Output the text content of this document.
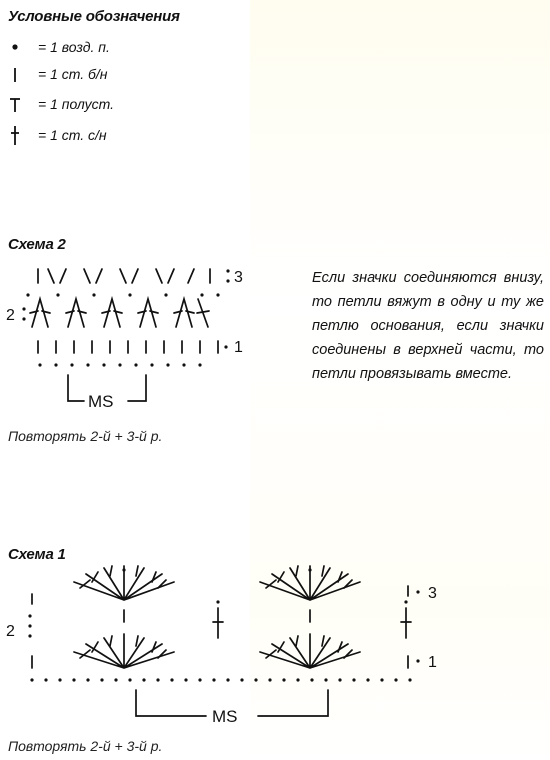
Условные обозначения
= 1 возд. п.
= 1 ст. б/н
= 1 полуст.
= 1 ст. с/н
Схема 2
3
2
1
MS
Повторять 2-й + 3-й р.
Если значки соединяются внизу, то петли вяжут в одну и ту же петлю основания, если значки соединены в верхней части, то петли провязывать вместе.
Схема 1
3
2
1
MS
Повторять 2-й + 3-й р.
